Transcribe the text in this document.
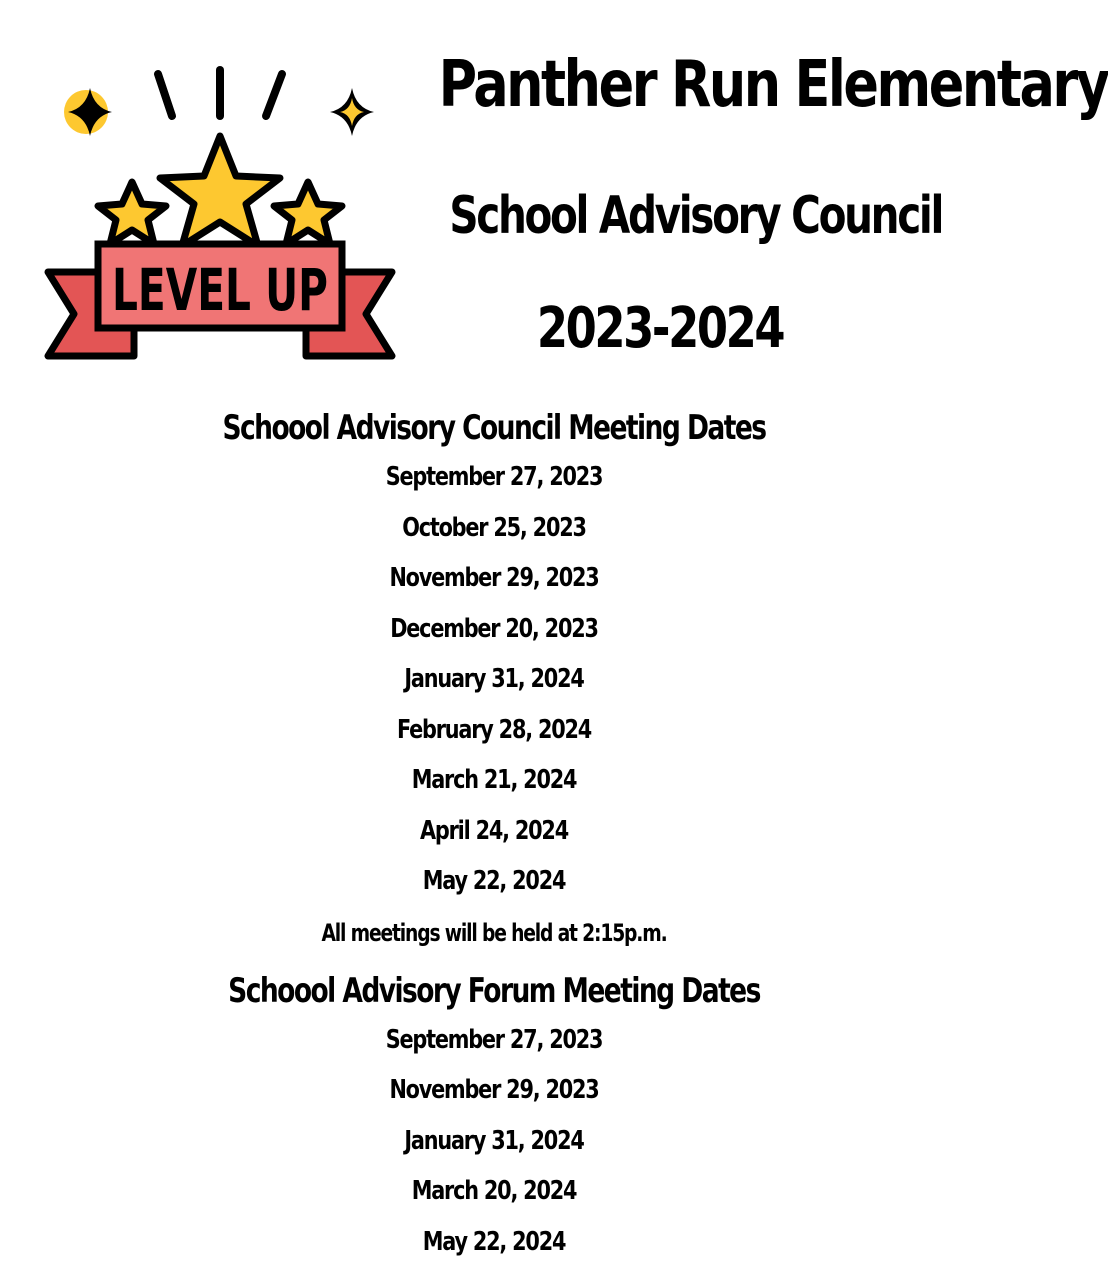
LEVEL UP
Panther Run Elementary
School Advisory Council
2023-2024
Schoool Advisory Council Meeting Dates
September 27, 2023
October 25, 2023
November 29, 2023
December 20, 2023
January 31, 2024
February 28, 2024
March 21, 2024
April 24, 2024
May 22, 2024
All meetings will be held at 2:15p.m.
Schoool Advisory Forum Meeting Dates
September 27, 2023
November 29, 2023
January 31, 2024
March 20, 2024
May 22, 2024
